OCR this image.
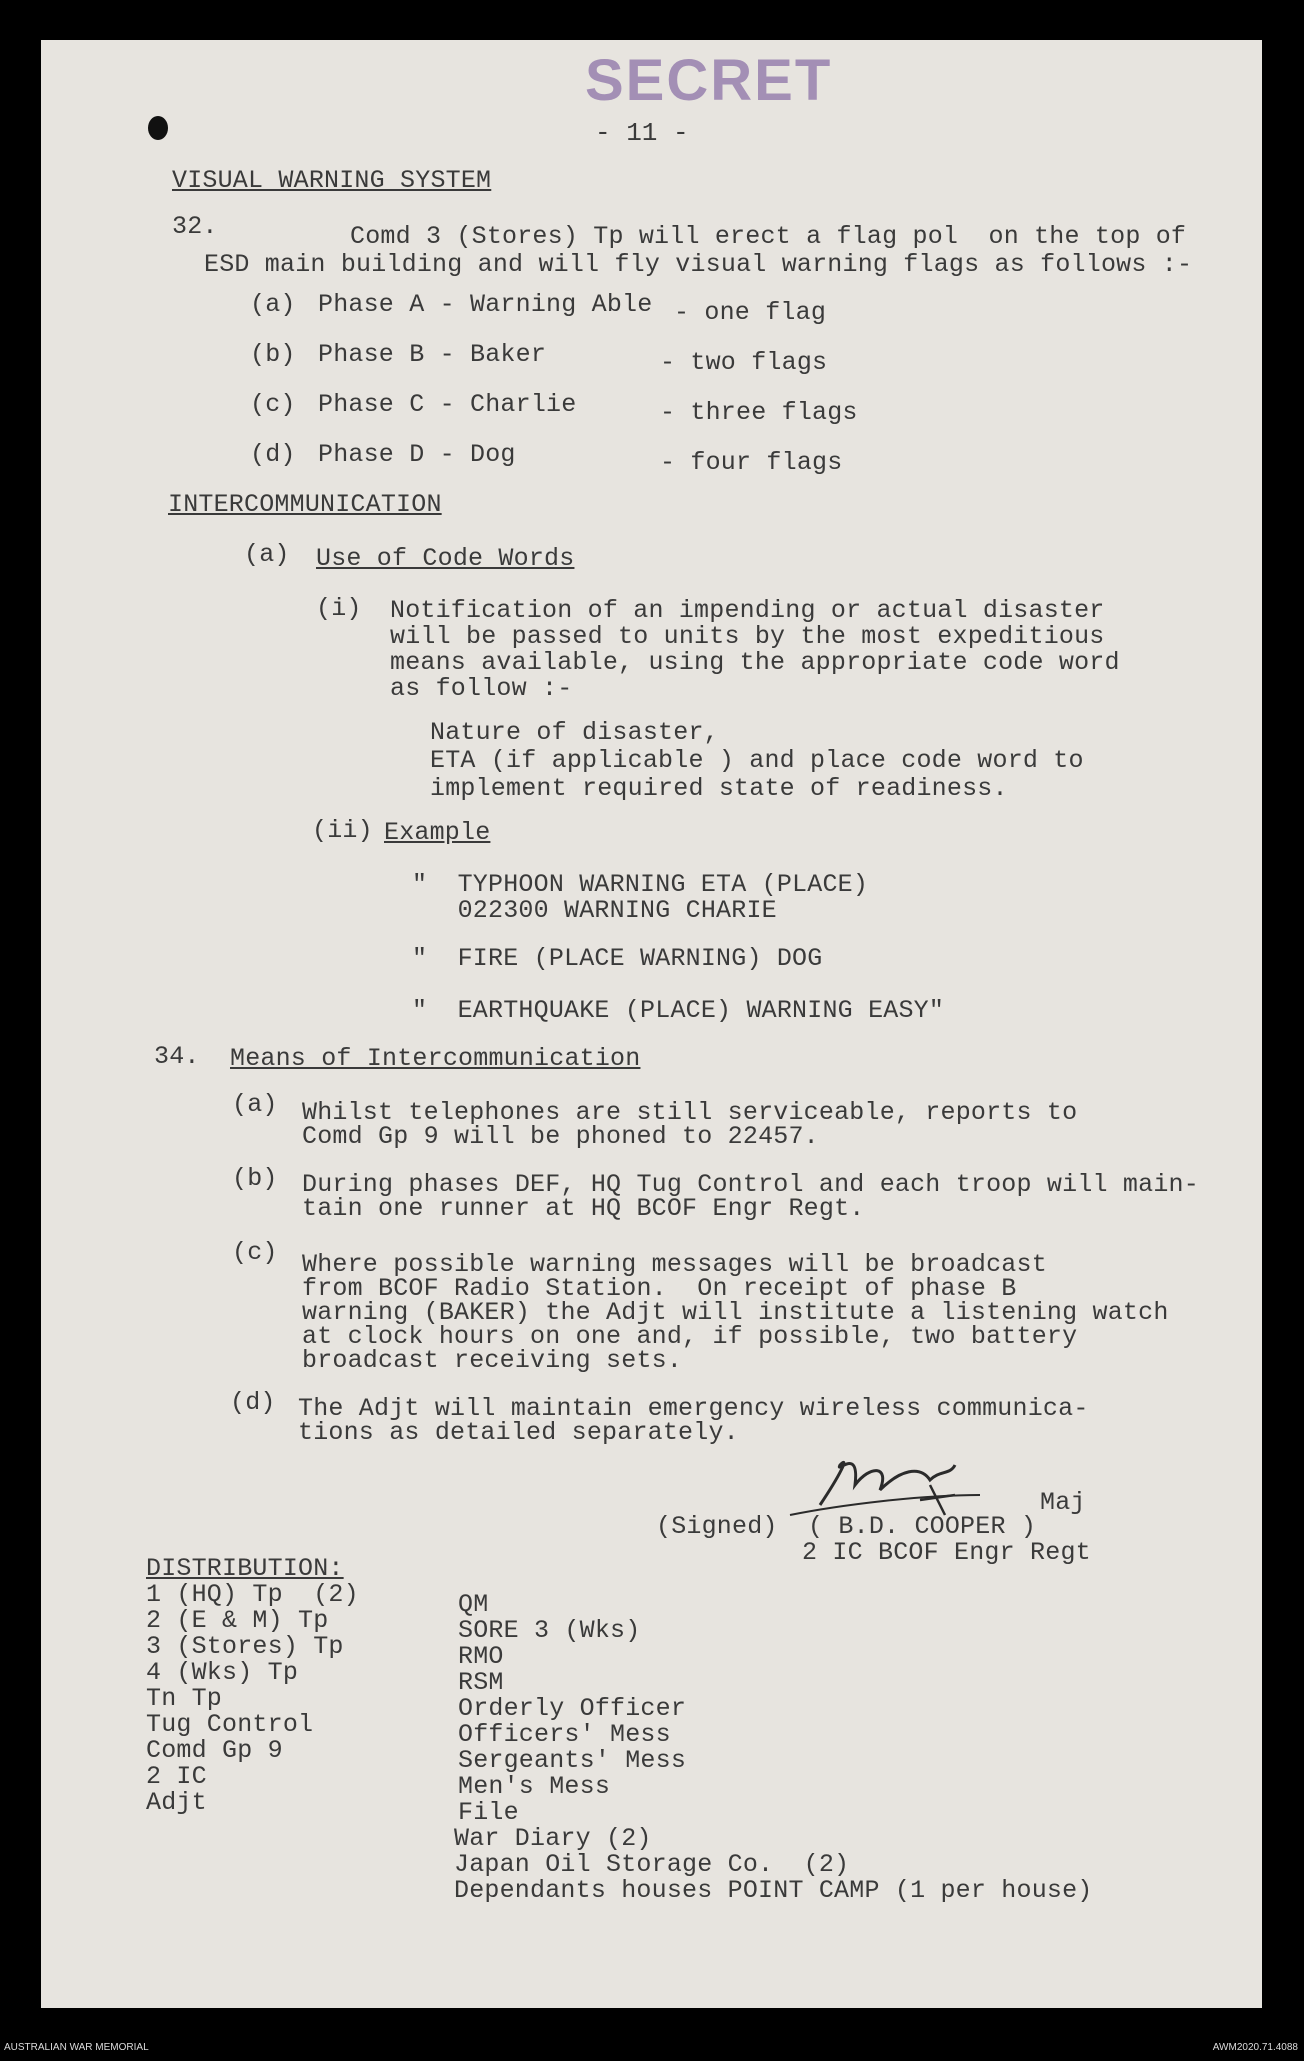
SECRET
- 11 -
VISUAL WARNING SYSTEM
32.	Comd 3 (Stores) Tp will erect a flag pol  on the top of
ESD main building and will fly visual warning flags as follows :-
(a) Phase A - Warning Able - one flag
(b) Phase B - Baker	- two flags
(c) Phase C - Charlie	- three flags
(d) Phase D - Dog	- four flags
INTERCOMMUNICATION
(a) Use of Code Words
(i) Notification of an impending or actual disaster
will be passed to units by the most expeditious
means available, using the appropriate code word
as follow :-
Nature of disaster,
ETA (if applicable ) and place code word to
implement required state of readiness.
(ii) Example
"  TYPHOON WARNING ETA (PLACE)
022300 WARNING CHARIE
"  FIRE (PLACE WARNING) DOG
"  EARTHQUAKE (PLACE) WARNING EASY"
34. Means of Intercommunication
(a) Whilst telephones are still serviceable, reports to
Comd Gp 9 will be phoned to 22457.
(b) During phases DEF, HQ Tug Control and each troop will main-
tain one runner at HQ BCOF Engr Regt.
(c) Where possible warning messages will be broadcast
from BCOF Radio Station.  On receipt of phase B
warning (BAKER) the Adjt will institute a listening watch
at clock hours on one and, if possible, two battery
broadcast receiving sets.
(d) The Adjt will maintain emergency wireless communica-
tions as detailed separately.
Maj
(Signed)  ( B.D. COOPER )
2 IC BCOF Engr Regt
DISTRIBUTION:
1 (HQ) Tp  (2)
2 (E & M) Tp
3 (Stores) Tp
4 (Wks) Tp
Tn Tp
Tug Control
Comd Gp 9
2 IC
Adjt
QM
SORE 3 (Wks)
RMO
RSM
Orderly Officer
Officers' Mess
Sergeants' Mess
Men's Mess
File
War Diary (2)
Japan Oil Storage Co.  (2)
Dependants houses POINT CAMP (1 per house)
AUSTRALIAN WAR MEMORIAL	AWM2020.71.4088
